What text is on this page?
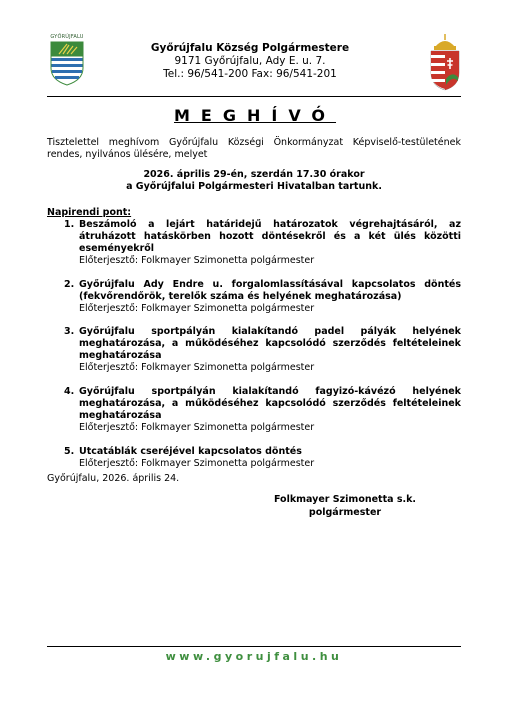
GYŐRÚJFALU
Győrújfalu Község Polgármestere
9171 Győrújfalu, Ady E. u. 7.
Tel.: 96/541-200 Fax: 96/541-201
MEGHÍVÓ
Tisztelettel meghívom Győrújfalu Községi Önkormányzat Képviselő-testületének rendes, nyilvános ülésére, melyet
2026. április 29-én, szerdán 17.30 órakor
a Győrújfalui Polgármesteri Hivatalban tartunk.
Napirendi pont:
1. Beszámoló a lejárt határidejű határozatok végrehajtásáról, az átruházott hatáskörben hozott döntésekről és a két ülés közötti eseményekről
Előterjesztő: Folkmayer Szimonetta polgármester
2. Győrújfalu Ady Endre u. forgalomlassításával kapcsolatos döntés (fekvőrendőrök, terelők száma és helyének meghatározása)
Előterjesztő: Folkmayer Szimonetta polgármester
3. Győrújfalu sportpályán kialakítandó padel pályák helyének meghatározása, a működéséhez kapcsolódó szerződés feltételeinek meghatározása
Előterjesztő: Folkmayer Szimonetta polgármester
4. Győrújfalu sportpályán kialakítandó fagyizó-kávézó helyének meghatározása, a működéséhez kapcsolódó szerződés feltételeinek meghatározása
Előterjesztő: Folkmayer Szimonetta polgármester
5. Utcatáblák cseréjével kapcsolatos döntés
Előterjesztő: Folkmayer Szimonetta polgármester
Győrújfalu, 2026. április 24.
Folkmayer Szimonetta s.k.
polgármester
www.gyorujfalu.hu
